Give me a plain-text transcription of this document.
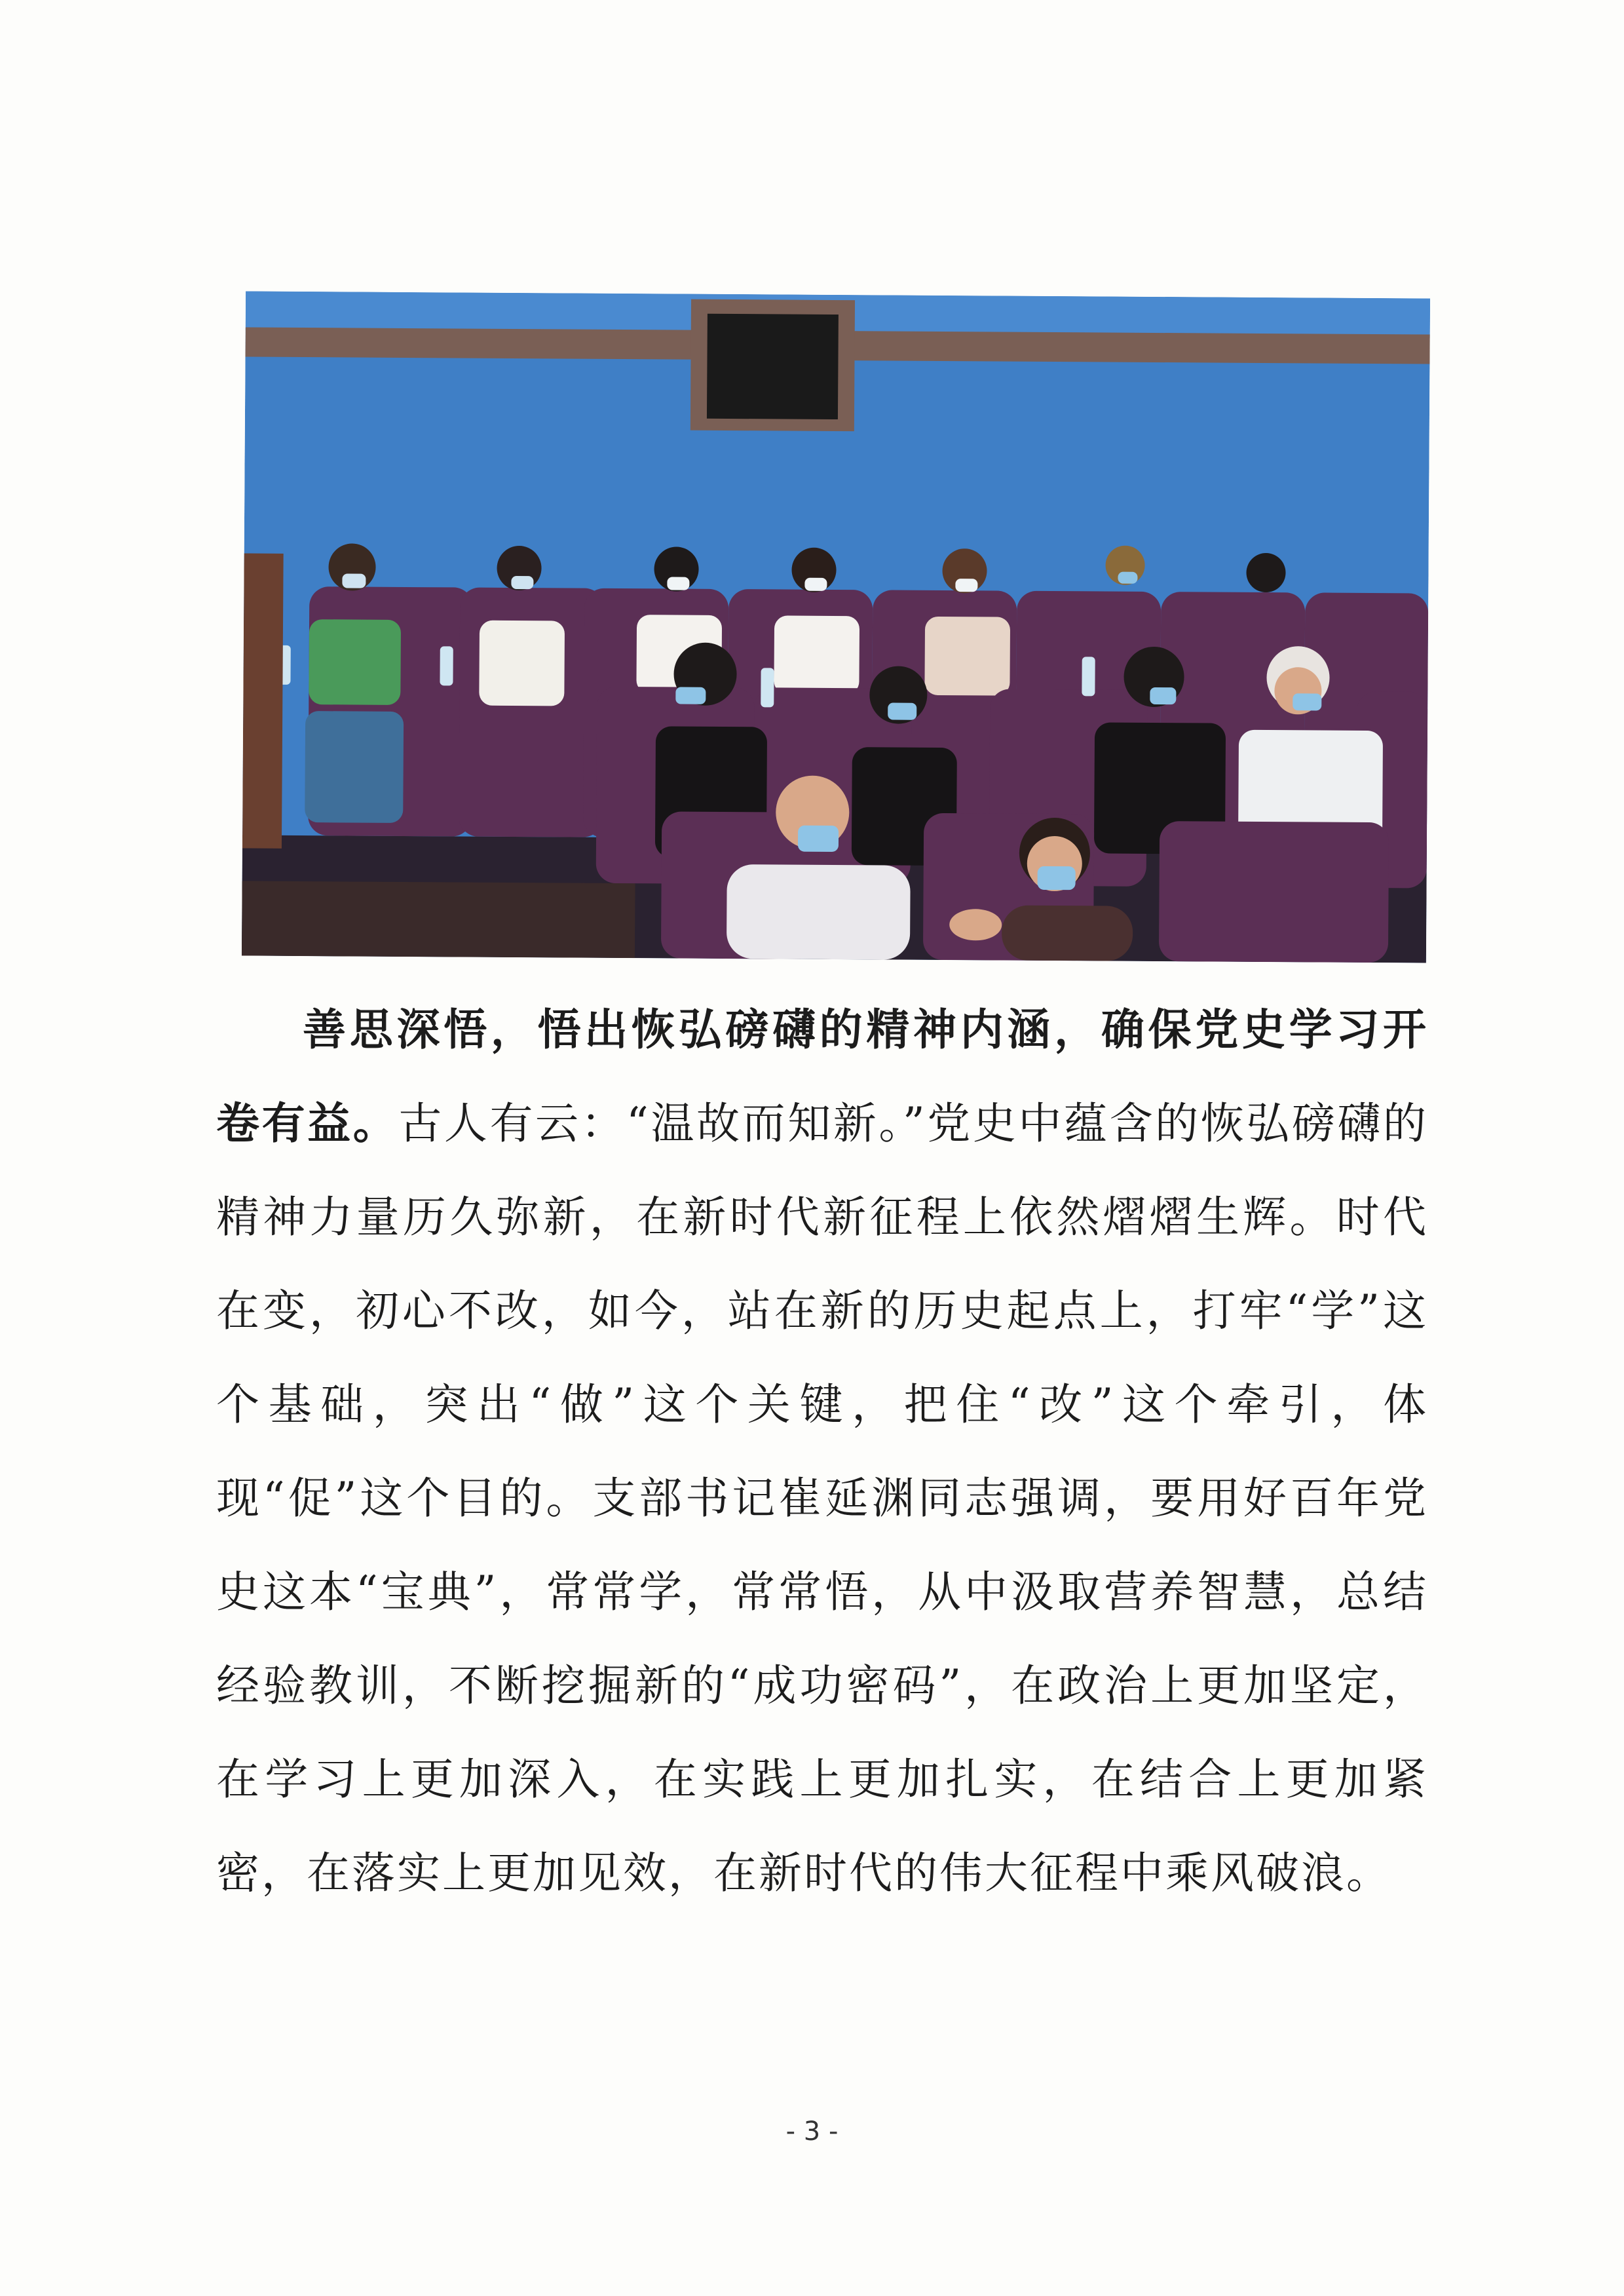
善思深悟，悟出恢弘磅礴的精神内涵，确保党史学习开卷有益。古人有云：“温故而知新。”党史中蕴含的恢弘磅礴的精神力量历久弥新，在新时代新征程上依然熠熠生辉。时代在变，初心不改，如今，站在新的历史起点上，打牢“学”这个基础，突出“做”这个关键，把住“改”这个牵引，体现“促”这个目的。支部书记崔延渊同志强调，要用好百年党史这本“宝典”，常常学，常常悟，从中汲取营养智慧，总结经验教训，不断挖掘新的“成功密码”，在政治上更加坚定，在学习上更加深入，在实践上更加扎实，在结合上更加紧密，在落实上更加见效，在新时代的伟大征程中乘风破浪。

- 3 -
